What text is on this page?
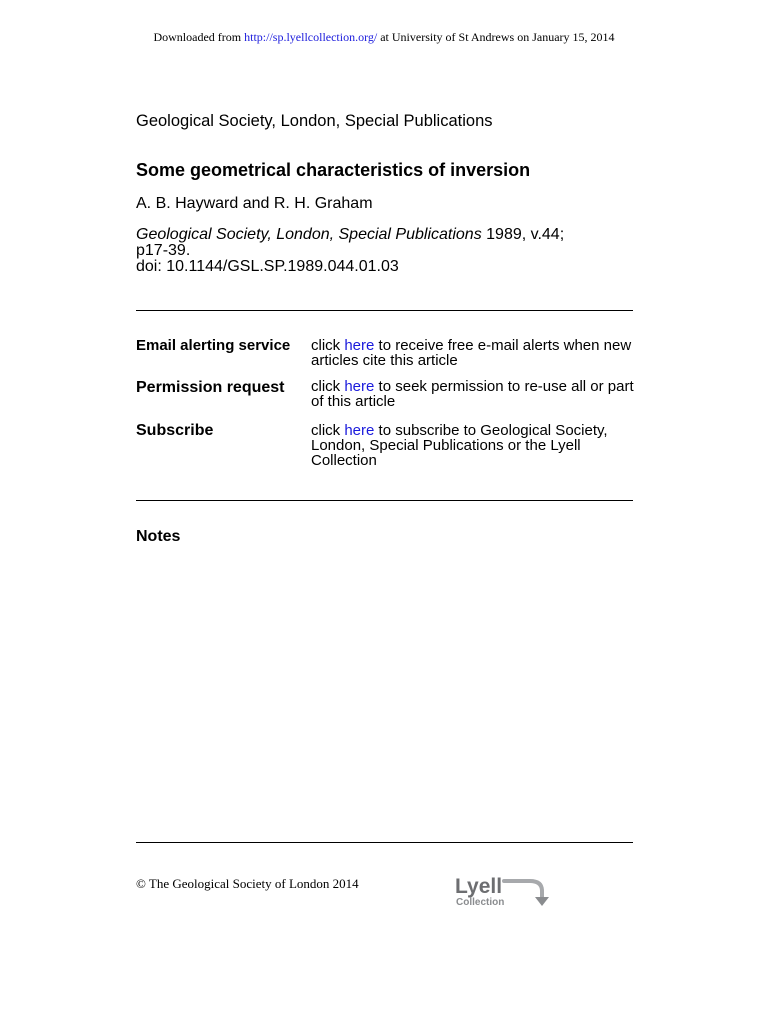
Downloaded from http://sp.lyellcollection.org/ at University of St Andrews on January 15, 2014
Geological Society, London, Special Publications
Some geometrical characteristics of inversion
A. B. Hayward and R. H. Graham
Geological Society, London, Special Publications 1989, v.44;
p17-39.
doi: 10.1144/GSL.SP.1989.044.01.03
Email alerting service	click here to receive free e-mail alerts when new articles cite this article
Permission request	click here to seek permission to re-use all or part of this article
Subscribe	click here to subscribe to Geological Society, London, Special Publications or the Lyell Collection
Notes
© The Geological Society of London 2014	Lyell
Collection
